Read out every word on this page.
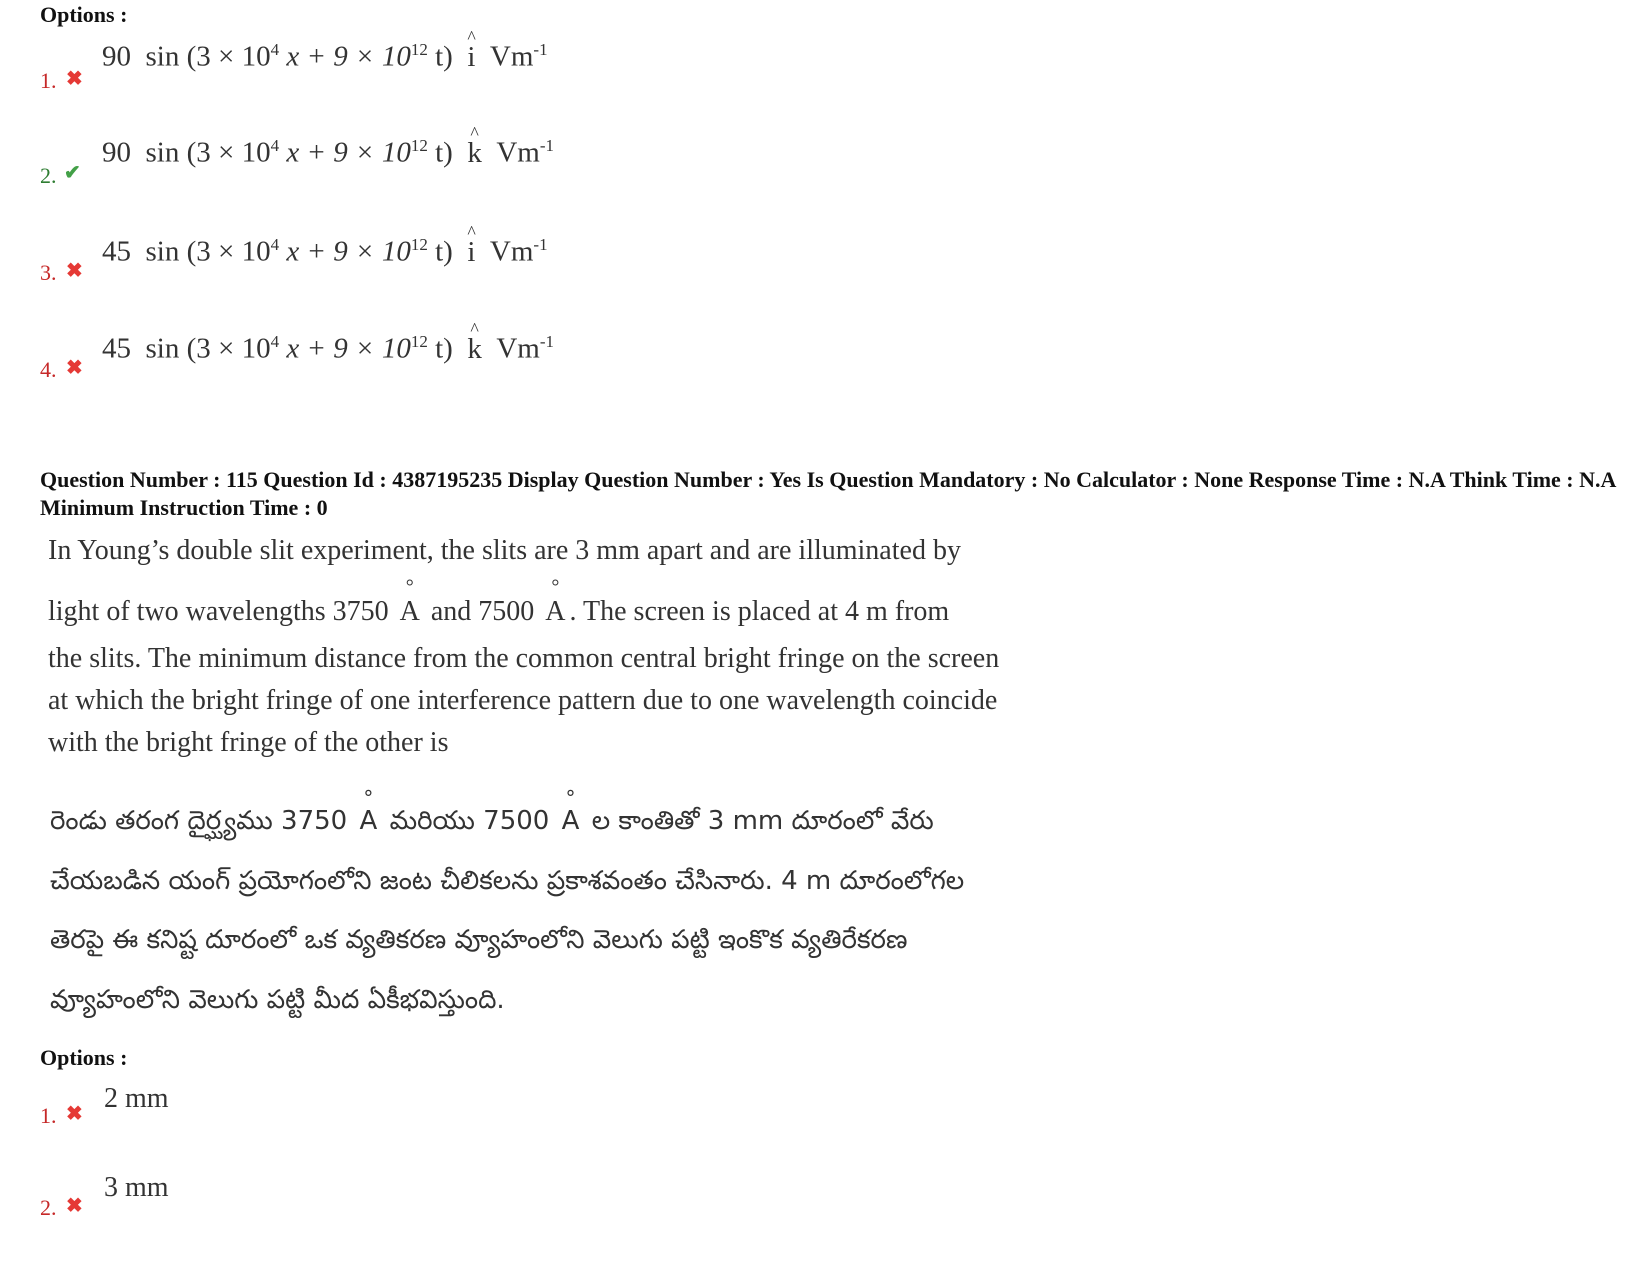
Options :
1. ✖
90 $\sin (3 \times 10^4$ $x + 9 \times 10^{12}$ t) ^ i $Vm^{-1}$
2. ✔
90 $\sin (3 \times 10^4$ $x + 9 \times 10^{12}$ t) ^ k $Vm^{-1}$
3. ✖
45 $\sin (3 \times 10^4$ $x + 9 \times 10^{12}$ t) ^ i $Vm^{-1}$
4. ✖
45 $\sin (3 \times 10^4$ $x + 9 \times 10^{12}$ t) ^ k $Vm^{-1}$
Question Number : 115 Question Id : 4387195235 Display Question Number : Yes Is Question Mandatory : No Calculator : None Response Time : N.A Think Time : N.A Minimum Instruction Time : 0
In Young’s double slit experiment, the slits are 3 mm apart and are illuminated by
light of two wavelengths 3750 ° A and 7500 ° A . The screen is placed at 4 m from
the slits. The minimum distance from the common central bright fringe on the screen
at which the bright fringe of one interference pattern due to one wavelength coincide
with the bright fringe of the other is
రెండు తరంగ దైర్ఘ్యము 3750 ° A మరియు 7500 ° A ల కాంతితో 3 mm దూరంలో వేరు
చేయబడిన యంగ్ ప్రయోగంలోని జంట చీలికలను ప్రకాశవంతం చేసినారు. 4 m దూరంలోగల
తెరపై ఈ కనిష్ట దూరంలో ఒక వ్యతికరణ వ్యూహంలోని వెలుగు పట్టి ఇంకొక వ్యతిరేకరణ
వ్యూహంలోని వెలుగు పట్టి మీద ఏకీభవిస్తుంది.
Options :
1. ✖ 2 mm
2. ✖
3 mm
